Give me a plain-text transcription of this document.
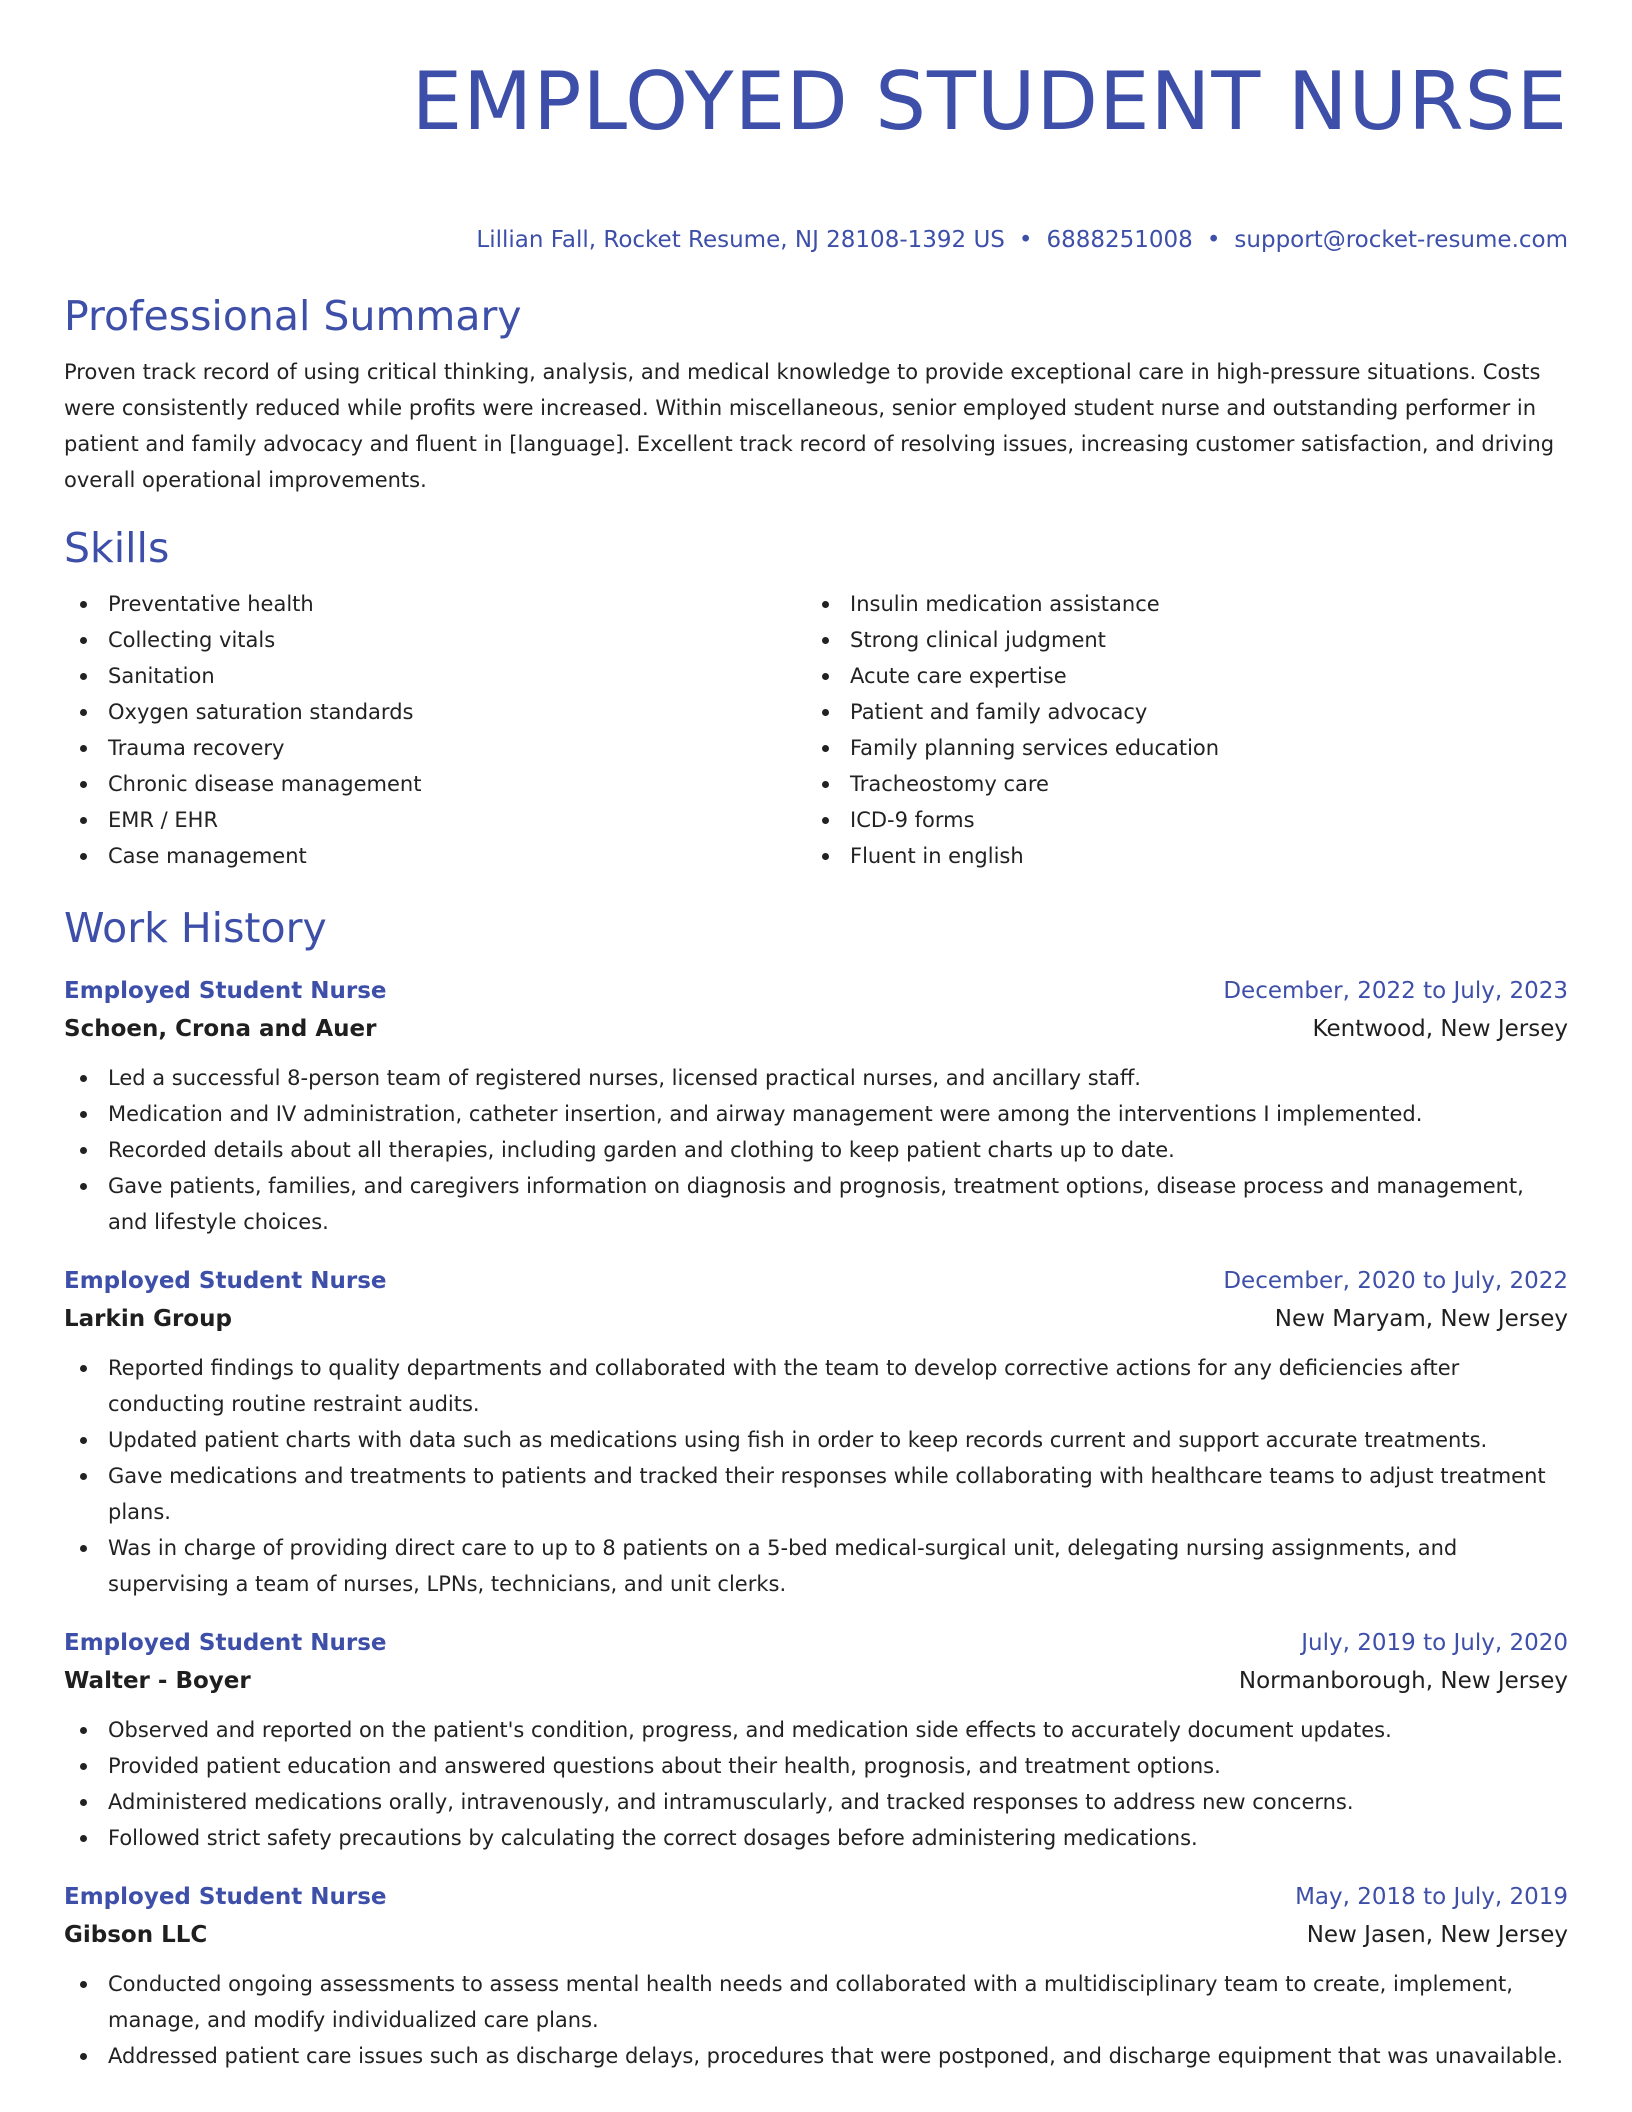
EMPLOYED STUDENT NURSE
Lillian Fall, Rocket Resume, NJ 28108-1392 US • 6888251008 • support@rocket-resume.com
Professional Summary

Proven track record of using critical thinking, analysis, and medical knowledge to provide exceptional care in high-pressure situations. Costs were consistently reduced while profits were increased. Within miscellaneous, senior employed student nurse and outstanding performer in patient and family advocacy and fluent in [language]. Excellent track record of resolving issues, increasing customer satisfaction, and driving overall operational improvements.

Skills
Preventative health
Collecting vitals
Sanitation
Oxygen saturation standards
Trauma recovery
Chronic disease management
EMR / EHR
Case management
Insulin medication assistance
Strong clinical judgment
Acute care expertise
Patient and family advocacy
Family planning services education
Tracheostomy care
ICD-9 forms
Fluent in english
Work History
Employed Student Nurse	December, 2022 to July, 2023
Schoen, Crona and Auer	Kentwood, New Jersey
Led a successful 8-person team of registered nurses, licensed practical nurses, and ancillary staff.
Medication and IV administration, catheter insertion, and airway management were among the interventions I implemented.
Recorded details about all therapies, including garden and clothing to keep patient charts up to date.
Gave patients, families, and caregivers information on diagnosis and prognosis, treatment options, disease process and management, and lifestyle choices.
Employed Student Nurse	December, 2020 to July, 2022
Larkin Group	New Maryam, New Jersey
Reported findings to quality departments and collaborated with the team to develop corrective actions for any deficiencies after conducting routine restraint audits.
Updated patient charts with data such as medications using fish in order to keep records current and support accurate treatments.
Gave medications and treatments to patients and tracked their responses while collaborating with healthcare teams to adjust treatment plans.
Was in charge of providing direct care to up to 8 patients on a 5-bed medical-surgical unit, delegating nursing assignments, and supervising a team of nurses, LPNs, technicians, and unit clerks.
Employed Student Nurse	July, 2019 to July, 2020
Walter - Boyer	Normanborough, New Jersey
Observed and reported on the patient's condition, progress, and medication side effects to accurately document updates.
Provided patient education and answered questions about their health, prognosis, and treatment options.
Administered medications orally, intravenously, and intramuscularly, and tracked responses to address new concerns.
Followed strict safety precautions by calculating the correct dosages before administering medications.
Employed Student Nurse	May, 2018 to July, 2019
Gibson LLC	New Jasen, New Jersey
Conducted ongoing assessments to assess mental health needs and collaborated with a multidisciplinary team to create, implement, manage, and modify individualized care plans.
Addressed patient care issues such as discharge delays, procedures that were postponed, and discharge equipment that was unavailable.
